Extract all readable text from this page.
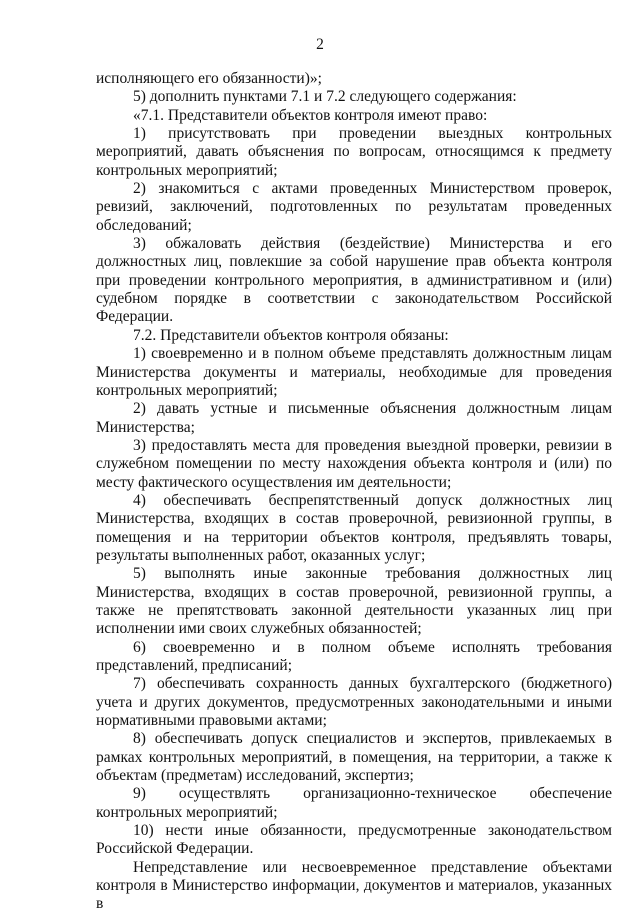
2

исполняющего его обязанности)»;

5) дополнить пунктами 7.1 и 7.2 следующего содержания:

«7.1. Представители объектов контроля имеют право:

1) присутствовать при проведении выездных контрольных мероприятий, давать объяснения по вопросам, относящимся к предмету контрольных мероприятий;

2) знакомиться с актами проведенных Министерством проверок, ревизий, заключений, подготовленных по результатам проведенных обследований;

3) обжаловать действия (бездействие) Министерства и его должностных лиц, повлекшие за собой нарушение прав объекта контроля при проведении контрольного мероприятия, в административном и (или) судебном порядке в соответствии с законодательством Российской Федерации.

7.2. Представители объектов контроля обязаны:

1) своевременно и в полном объеме представлять должностным лицам Министерства документы и материалы, необходимые для проведения контрольных мероприятий;

2) давать устные и письменные объяснения должностным лицам Министерства;

3) предоставлять места для проведения выездной проверки, ревизии в служебном помещении по месту нахождения объекта контроля и (или) по месту фактического осуществления им деятельности;

4) обеспечивать беспрепятственный допуск должностных лиц Министерства, входящих в состав проверочной, ревизионной группы, в помещения и на территории объектов контроля, предъявлять товары, результаты выполненных работ, оказанных услуг;

5) выполнять иные законные требования должностных лиц Министерства, входящих в состав проверочной, ревизионной группы, а также не препятствовать законной деятельности указанных лиц при исполнении ими своих служебных обязанностей;

6) своевременно и в полном объеме исполнять требования представлений, предписаний;

7) обеспечивать сохранность данных бухгалтерского (бюджетного) учета и других документов, предусмотренных законодательными и иными нормативными правовыми актами;

8) обеспечивать допуск специалистов и экспертов, привлекаемых в рамках контрольных мероприятий, в помещения, на территории, а также к объектам (предметам) исследований, экспертиз;

9) осуществлять организационно-техническое обеспечение контрольных мероприятий;

10) нести иные обязанности, предусмотренные законодательством Российской Федерации.

Непредставление или несвоевременное представление объектами контроля в Министерство информации, документов и материалов, указанных в
